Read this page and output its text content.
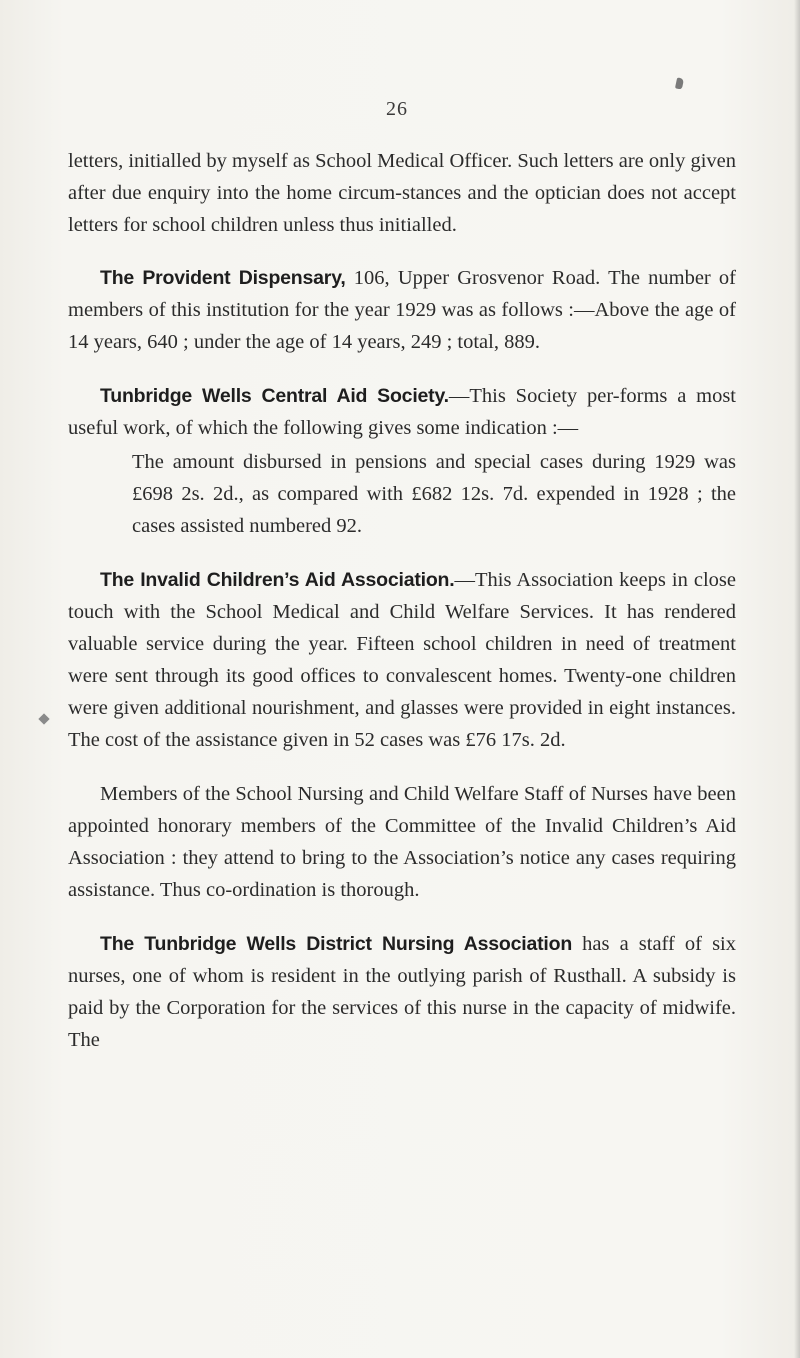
26

letters, initialled by myself as School Medical Officer. Such letters are only given after due enquiry into the home circum-stances and the optician does not accept letters for school children unless thus initialled.

The Provident Dispensary, 106, Upper Grosvenor Road. The number of members of this institution for the year 1929 was as follows :—Above the age of 14 years, 640 ; under the age of 14 years, 249 ; total, 889.

Tunbridge Wells Central Aid Society.—This Society per-forms a most useful work, of which the following gives some indication :—

The amount disbursed in pensions and special cases during 1929 was £698 2s. 2d., as compared with £682 12s. 7d. expended in 1928 ; the cases assisted numbered 92.

The Invalid Children’s Aid Association.—This Association keeps in close touch with the School Medical and Child Welfare Services. It has rendered valuable service during the year. Fifteen school children in need of treatment were sent through its good offices to convalescent homes. Twenty-one children were given additional nourishment, and glasses were provided in eight instances. The cost of the assistance given in 52 cases was £76 17s. 2d.

Members of the School Nursing and Child Welfare Staff of Nurses have been appointed honorary members of the Committee of the Invalid Children’s Aid Association : they attend to bring to the Association’s notice any cases requiring assistance. Thus co-ordination is thorough.

The Tunbridge Wells District Nursing Association has a staff of six nurses, one of whom is resident in the outlying parish of Rusthall. A subsidy is paid by the Corporation for the services of this nurse in the capacity of midwife. The
